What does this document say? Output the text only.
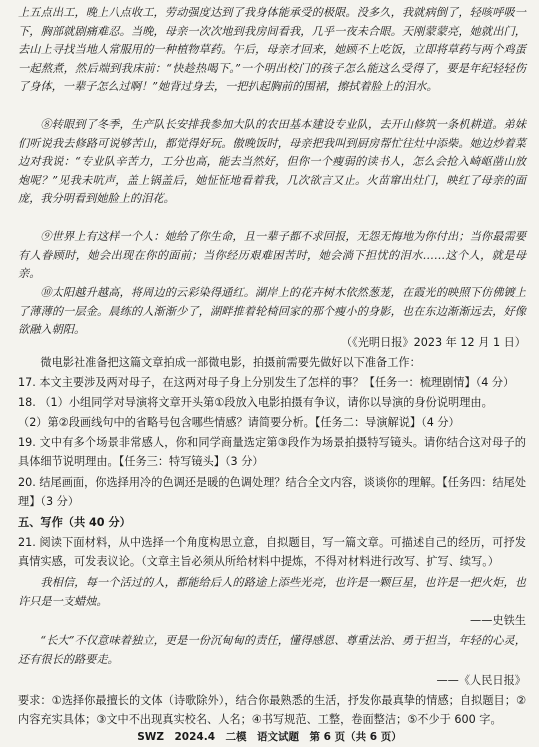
上五点出工，晚上八点收工，劳动强度达到了我身体能承受的极限。没多久，我就病倒了，轻咳呼吸一下，胸部就剧痛难忍。当晚，母亲一次次地到我房间看我，几乎一夜未合眼。天刚蒙蒙亮，她就出门，去山上寻找当地人常服用的一种植物草药。午后，母亲才回来，她顾不上吃饭，立即将草药与两个鸡蛋一起熬煮，然后端到我床前：“快趁热喝下。”一个明出校门的孩子怎么能这么受得了，要是年纪轻轻伤了身体，一辈子怎么过啊！”她背过身去，一把扒起胸前的围裙，擦拭着脸上的泪水。
⑧转眼到了冬季，生产队长安排我参加大队的农田基本建设专业队，去开山修筑一条机耕道。弟妹们听说我去修路可说够苦山，都觉得好玩。傲晚饭时，母亲把我叫到厨房帮忙往灶中添柴。她边炒着菜边对我说：“专业队辛苦力，工分也高，能去当然好，但你一个瘦弱的读书人，怎么会抢入崎岖凿山放炮呢？”见我未吭声，盖上锅盖后，她怔怔地看着我，几次欲言又止。火苗窜出灶门，映红了母亲的面庞，我分明看到她脸上的泪花。
⑨世界上有这样一个人：她给了你生命，且一辈子都不求回报，无怨无悔地为你付出；当你最需要有人眷顾时，她会出现在你的面前；当你经历艰难困苦时，她会淌下担忧的泪水……这个人，就是母亲。
⑩太阳越升越高，将周边的云彩染得通红。湖岸上的花卉树木依然葱茏，在霞光的映照下仿佛镀上了薄薄的一层金。晨练的人渐渐少了，湖畔推着轮椅回家的那个瘦小的身影，也在东边渐渐远去，好像欲融入朝阳。
（《光明日报》2023 年 12 月 1 日）
微电影社准备把这篇文章拍成一部微电影，拍摄前需要先做好以下准备工作：
17. 本文主要涉及两对母子，在这两对母子身上分别发生了怎样的事？【任务一：梳理剧情】（4 分）
18. （1）小组同学对导演将文章开头第①段放入电影拍摄有争议，请你以导演的身份说明理由。
（2）第②段画线句中的省略号包含哪些情感？请简要分析。【任务二：导演解说】（4 分）
19. 文中有多个场景非常感人，你和同学商量选定第③段作为场景拍摄特写镜头。请你结合这对母子的具体细节说明理由。【任务三：特写镜头】（3 分）
20. 结尾画面，你选择用冷的色调还是暖的色调处理？结合全文内容，谈谈你的理解。【任务四：结尾处理】（3 分）
五、写作（共 40 分）
21. 阅读下面材料，从中选择一个角度构思立意，自拟题目，写一篇文章。可描述自己的经历，可抒发真情实感，可发表议论。（文章主旨必须从所给材料中提炼，不得对材料进行改写、扩写、续写。）
我相信，每一个活过的人，都能给后人的路途上添些光亮，也许是一颗巨星，也许是一把火炬，也许只是一支蜡烛。
——史铁生
“长大”不仅意味着独立，更是一份沉甸甸的责任，懂得感恩、尊重法治、勇于担当，年轻的心灵，还有很长的路要走。
——《人民日报》
要求：①选择你最擅长的文体（诗歌除外），结合你最熟悉的生活，抒发你最真挚的情感；自拟题目；②内容充实具体；③文中不出现真实校名、人名；④书写规范、工整，卷面整洁；⑤不少于 600 字。
SWZ　2024.4　二模　语文试题　第 6 页（共 6 页）
